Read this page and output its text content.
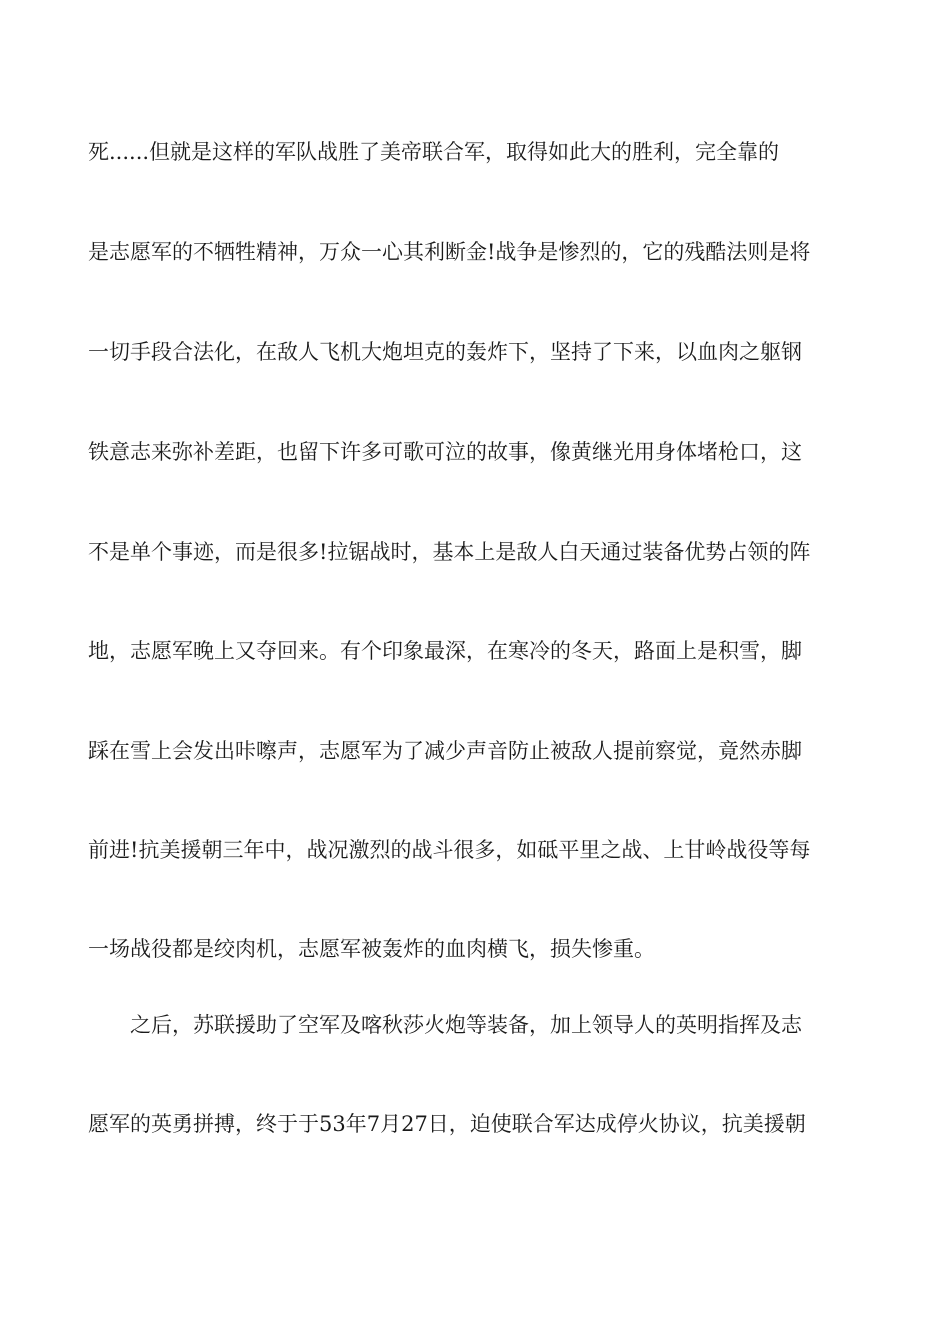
死......但就是这样的军队战胜了美帝联合军，取得如此大的胜利，完全靠的
是志愿军的不牺牲精神，万众一心其利断金!战争是惨烈的，它的残酷法则是将
一切手段合法化，在敌人飞机大炮坦克的轰炸下，坚持了下来，以血肉之躯钢
铁意志来弥补差距，也留下许多可歌可泣的故事，像黄继光用身体堵枪口，这
不是单个事迹，而是很多!拉锯战时，基本上是敌人白天通过装备优势占领的阵
地，志愿军晚上又夺回来。有个印象最深，在寒冷的冬天，路面上是积雪，脚
踩在雪上会发出咔嚓声，志愿军为了减少声音防止被敌人提前察觉，竟然赤脚
前进!抗美援朝三年中，战况激烈的战斗很多，如砥平里之战、上甘岭战役等每
一场战役都是绞肉机，志愿军被轰炸的血肉横飞，损失惨重。
之后，苏联援助了空军及喀秋莎火炮等装备，加上领导人的英明指挥及志
愿军的英勇拼搏，终于于53年7月27日，迫使联合军达成停火协议，抗美援朝
